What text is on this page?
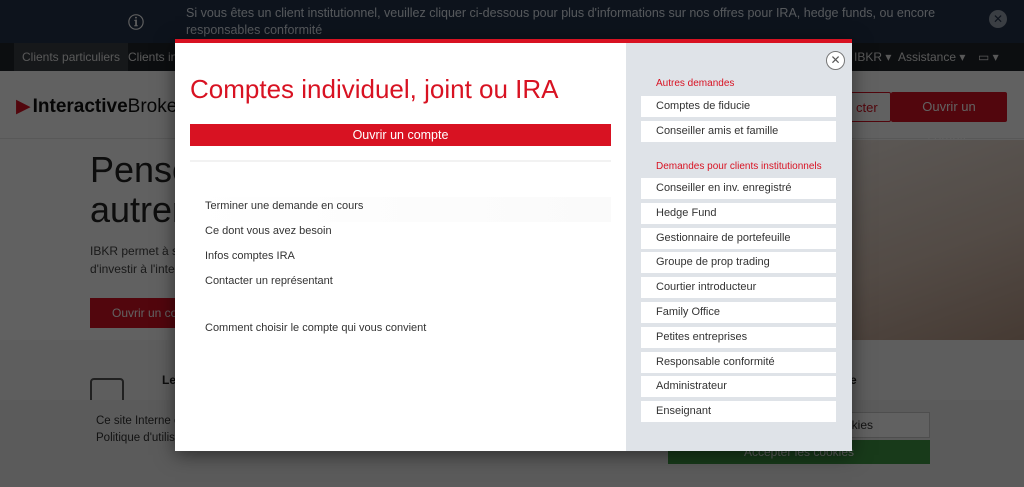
Comptes individuel, joint ou IRA
Ouvrir un compte
Terminer une demande en cours
Ce dont vous avez besoin
Infos comptes IRA
Contacter un représentant
Comment choisir le compte qui vous convient
✕
Autres demandes
Comptes de fiducie
Conseiller amis et famille
Demandes pour clients institutionnels
Conseiller en inv. enregistré
Hedge Fund
Gestionnaire de portefeuille
Groupe de prop trading
Courtier introducteur
Family Office
Petites entreprises
Responsable conformité
Administrateur
Enseignant
